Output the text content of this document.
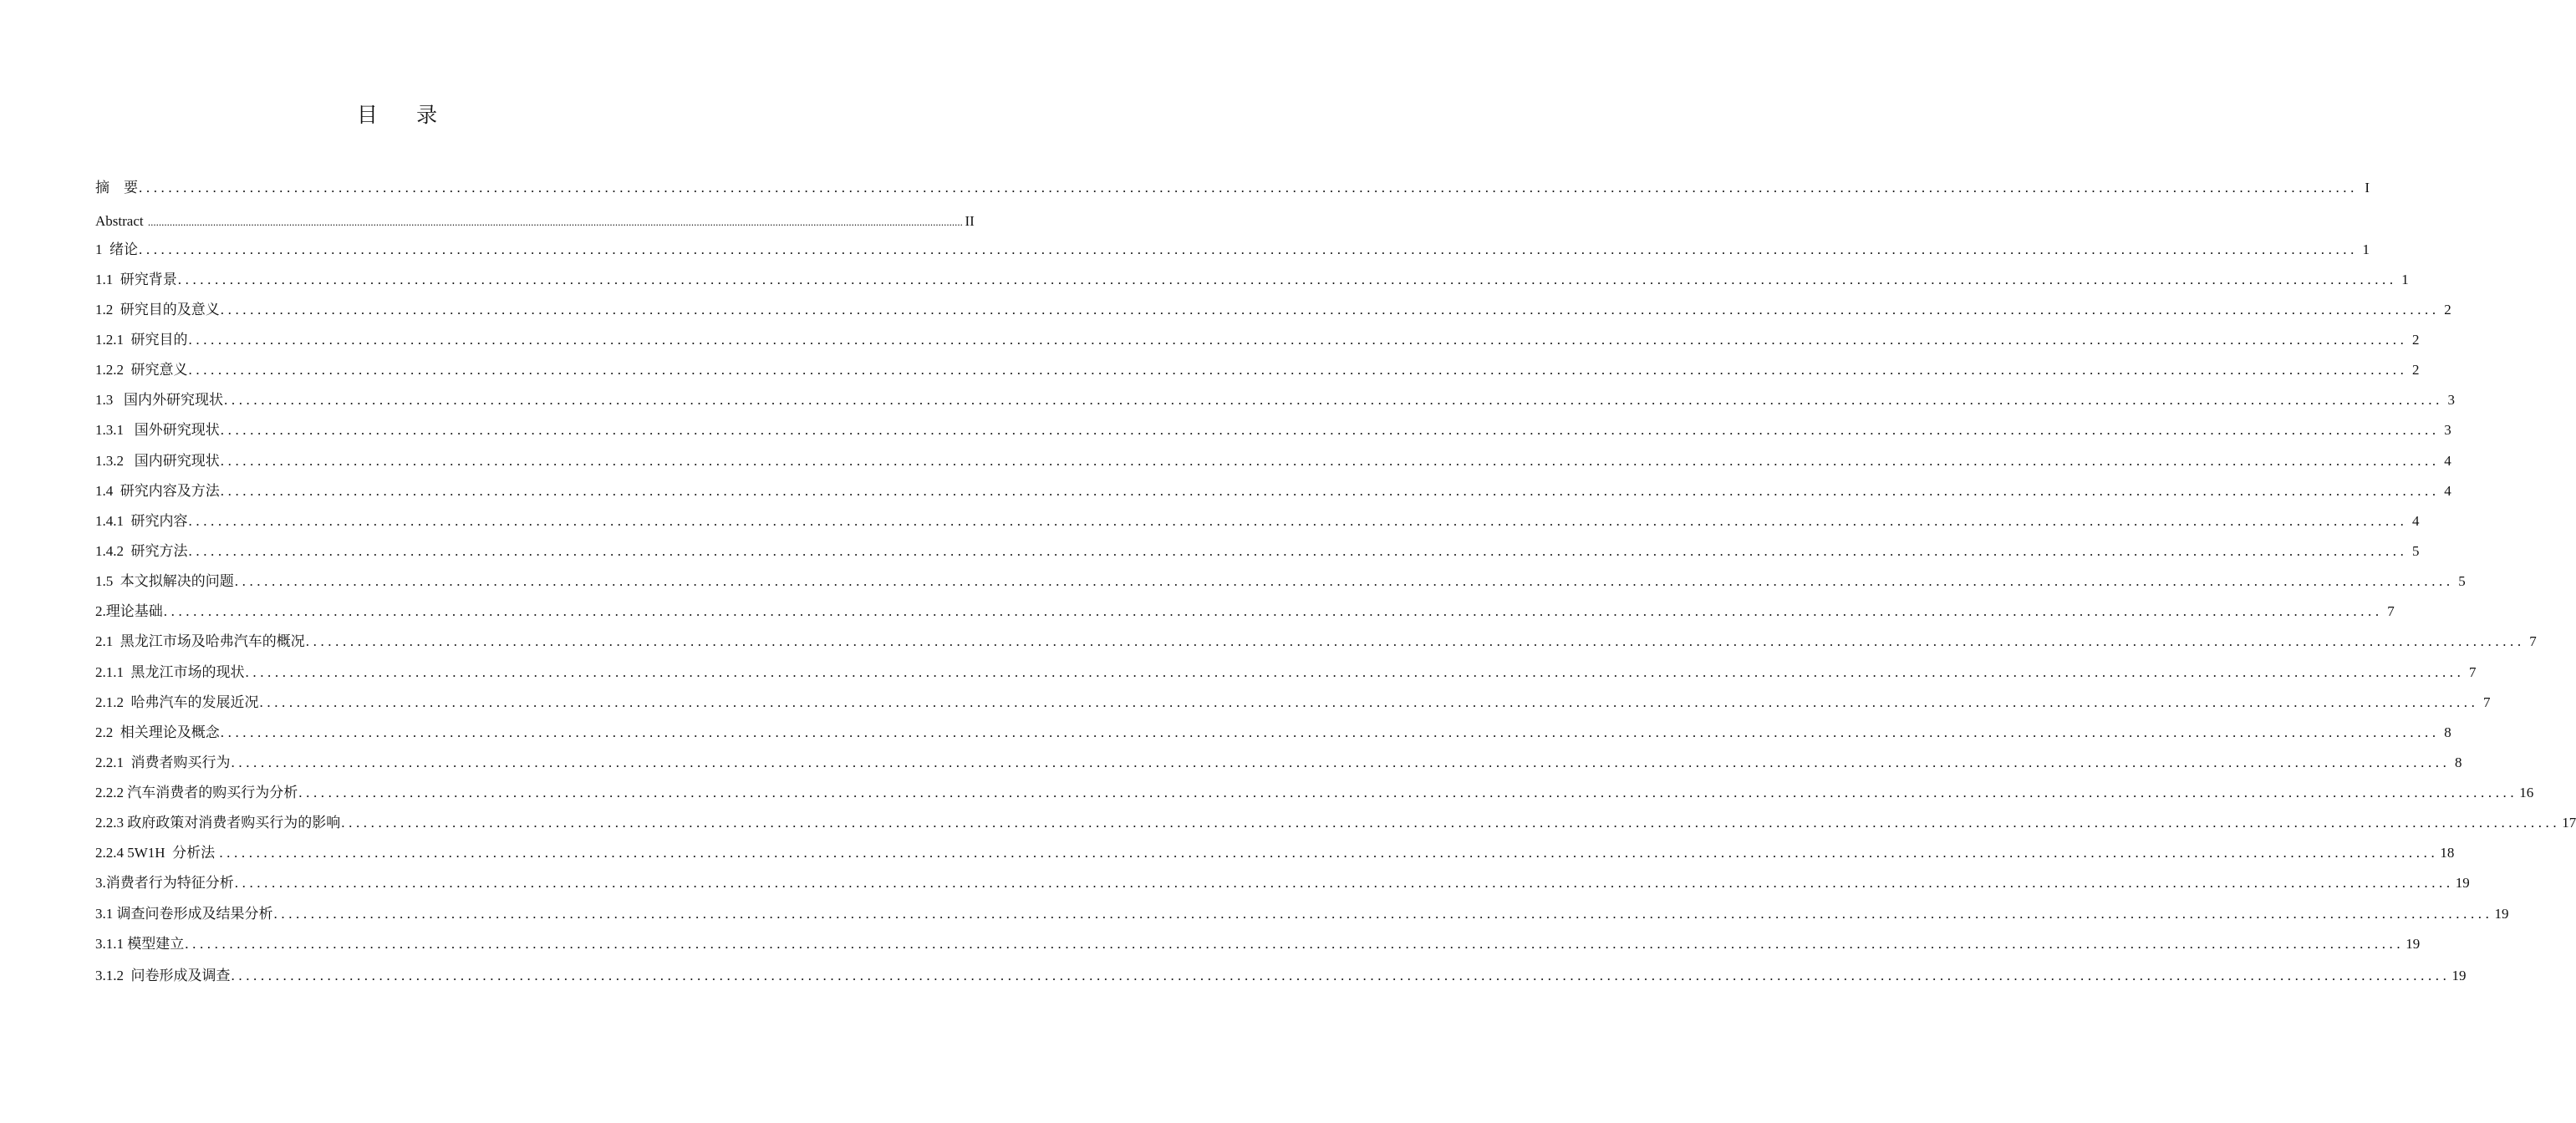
目 录
摘    要 ............................................................................................................................................................................................................................................................................................................ I
Abstract ............................................................................................................................................................................................................................................................................................................ II
1  绪论 ............................................................................................................................................................................................................................................................................................................ 1
1.1  研究背景 ............................................................................................................................................................................................................................................................................................................ 1
1.2  研究目的及意义 ............................................................................................................................................................................................................................................................................................................ 2
1.2.1  研究目的 ............................................................................................................................................................................................................................................................................................................ 2
1.2.2  研究意义 ............................................................................................................................................................................................................................................................................................................ 2
1.3   国内外研究现状 ............................................................................................................................................................................................................................................................................................................ 3
1.3.1   国外研究现状 ............................................................................................................................................................................................................................................................................................................ 3
1.3.2   国内研究现状 ............................................................................................................................................................................................................................................................................................................ 4
1.4  研究内容及方法 ............................................................................................................................................................................................................................................................................................................ 4
1.4.1  研究内容 ............................................................................................................................................................................................................................................................................................................ 4
1.4.2  研究方法 ............................................................................................................................................................................................................................................................................................................ 5
1.5  本文拟解决的问题 ............................................................................................................................................................................................................................................................................................................ 5
2.理论基础 ............................................................................................................................................................................................................................................................................................................ 7
2.1  黑龙江市场及哈弗汽车的概况 ............................................................................................................................................................................................................................................................................................................ 7
2.1.1  黑龙江市场的现状 ............................................................................................................................................................................................................................................................................................................ 7
2.1.2  哈弗汽车的发展近况 ............................................................................................................................................................................................................................................................................................................ 7
2.2  相关理论及概念 ............................................................................................................................................................................................................................................................................................................ 8
2.2.1  消费者购买行为 ............................................................................................................................................................................................................................................................................................................ 8
2.2.2 汽车消费者的购买行为分析 ............................................................................................................................................................................................................................................................................................................ 16
2.2.3 政府政策对消费者购买行为的影响 ............................................................................................................................................................................................................................................................................................................ 17
2.2.4 5W1H  分析法 ............................................................................................................................................................................................................................................................................................................ 18
3.消费者行为特征分析 ............................................................................................................................................................................................................................................................................................................ 19
3.1 调查问卷形成及结果分析 ............................................................................................................................................................................................................................................................................................................ 19
3.1.1 模型建立 ............................................................................................................................................................................................................................................................................................................ 19
3.1.2  问卷形成及调查 ............................................................................................................................................................................................................................................................................................................ 19
